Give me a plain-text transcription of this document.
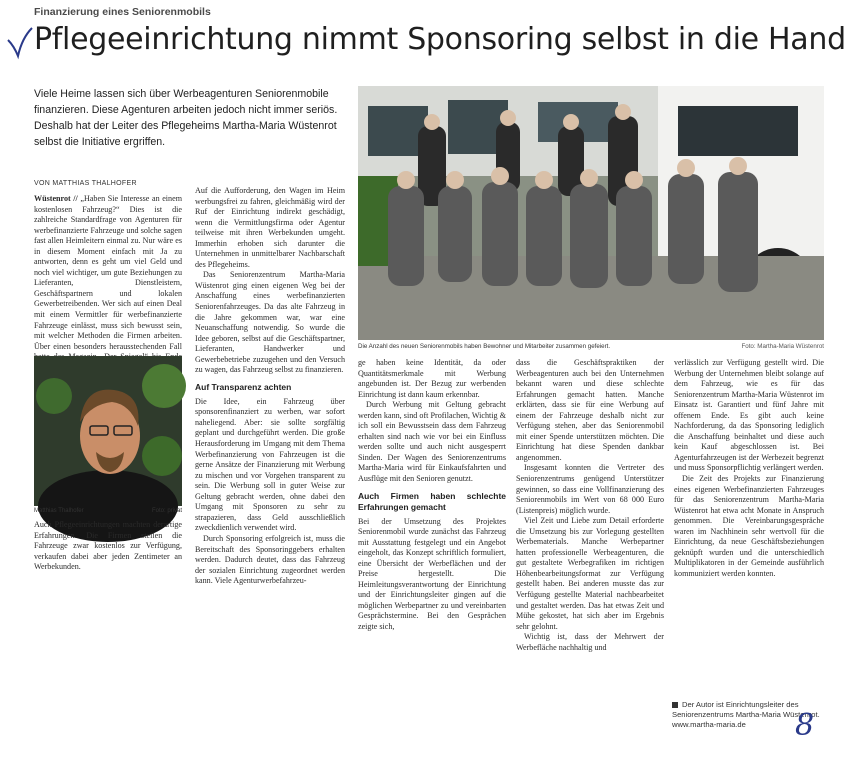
Finanzierung eines Seniorenmobils
Pflegeeinrichtung nimmt Sponsoring selbst in die Hand
Viele Heime lassen sich über Werbeagenturen Seniorenmobile finanzieren. Diese Agenturen arbeiten jedoch nicht immer seriös. Deshalb hat der Leiter des Pflegeheims Martha-Maria Wüstenrot selbst die Initiative ergriffen.
VON MATTHIAS THALHOFER

Wüstenrot // „Haben Sie Interesse an einem kostenlosen Fahrzeug?“ Dies ist die zahlreiche Standardfrage von Agenturen für werbefinanzierte Fahrzeuge und solche sagen fast allen Heimleitern einmal zu. Nur wäre es in diesem Moment einfach mit Ja zu antworten, denn es geht um viel Geld und noch viel wichtiger, um gute Beziehungen zu Lieferanten, Dienstleistern, Geschäftspartnern und lokalen Gewerbetreibenden. Wer sich auf einen Deal mit einem Vermittler für werbefinanzierte Fahrzeuge einlässt, muss sich bewusst sein, mit welcher Methoden die Firmen arbeiten. Über einen besonders herausstechenden Fall

Matthias Thalhofer	Foto: privat

Auch Pflegeeinrichtungen machten derartige Erfahrungen. Die Firmen stellen die Fahrzeuge zwar kostenlos zur Verfügung, verkaufen dabei aber jeden Zentimeter an Werbekunden.

Auf die Aufforderung, den Wagen im Heim werbungsfrei zu fahren, gleichmäßig wird der Ruf der Einrichtung indirekt geschädigt, wenn die Vermittlungsfirma oder Agentur teilweise mit ihren Werbekunden umgeht. Immerhin erhoben sich darunter die Unternehmen in unmittelbarer Nachbarschaft des Pflegeheims.

Das Seniorenzentrum Martha-Maria Wüstenrot ging einen eigenen Weg bei der Anschaffung eines werbefinanzierten Seniorenfahrzeuges. Da das alte Fahrzeug in die Jahre gekommen war, war eine Neuanschaffung notwendig. So wurde die Idee geboren, selbst auf die Geschäftspartner, Lieferanten, Handwerker und Gewerbebetriebe zuzugehen und den Versuch zu wagen, das Fahrzeug selbst zu finanzieren.

Auf Transparenz achten

Die Idee, ein Fahrzeug über sponsorenfinanziert zu werben, war sofort naheliegend. Aber: sie sollte sorgfältig geplant und durchgeführt werden. Die große Herausforderung im Umgang mit dem Thema Werbefinanzierung von Fahrzeugen ist die gerne Ansätze der Finanzierung mit Werbung zu mischen und vor Vorgehen transparent zu sein. Die Werbung soll in guter Weise zur Geltung gebracht werden, ohne dabei den Umgang mit Sponsoren zu sehr zu strapazieren, dass Geld ausschließlich zweckdienlich verwendet wird.

Durch Sponsoring erfolgreich ist, muss die Bereitschaft des Sponsoringgebers erhalten werden. Dadurch deutet, dass das Fahrzeug der sozialen Einrichtung zugeordnet werden kann. Viele Agenturwerbefahrzeu-

Die Anzahl des neuen Seniorenmobils haben Bewohner und Mitarbeiter zusammen gefeiert.	Foto: Martha-Maria Wüstenrot

ge haben keine Identität, da oder Quantitätsmerkmale mit Werbung angebunden ist. Der Bezug zur werbenden Einrichtung ist dann kaum erkennbar.

Durch Werbung mit Geltung gebracht werden kann, sind oft Profilachen, Wichtig & ich soll ein Bewusstsein dass dem Fahrzeug erhalten sind nach wie vor bei ein Einfluss werden sollte und auch nicht ausgesperrt Sinden. Der Wagen des Seniorenzentrums Martha-Maria wird für Einkaufsfahrten und Ausflüge mit den Senioren genutzt.

Auch Firmen haben schlechte Erfahrungen gemacht

Bei der Umsetzung des Projektes Seniorenmobil wurde zunächst das Fahrzeug mit Ausstattung festgelegt und ein Angebot eingeholt, das Konzept schriftlich formuliert, eine Übersicht der Werbeflächen und der Preise hergestellt. Die Heimleitungsverantwortung der Einrichtung und der Einrichtungsleiter gingen auf die möglichen Werbepartner zu und vereinbarten Gesprächstermine. Bei den Gesprächen zeigte sich,

dass die Geschäftspraktiken der Werbeagenturen auch bei den Unternehmen bekannt waren und diese schlechte Erfahrungen gemacht hatten. Manche erklärten, dass sie für eine Werbung auf einem der Fahrzeuge deshalb nicht zur Verfügung stehen, aber das Seniorenmobil mit einer Spende unterstützen möchten. Die Einrichtung hat diese Spenden dankbar angenommen.

Insgesamt konnten die Vertreter des Seniorenzentrums genügend Unterstützer gewinnen, so dass eine Vollfinanzierung des Seniorenmobils im Wert von 68 000 Euro (Listenpreis) möglich wurde.

Viel Zeit und Liebe zum Detail erforderte die Umsetzung bis zur Vorlegung gestellten Werbematerials. Manche Werbepartner hatten professionelle Werbeagenturen, die gut gestaltete Werbegrafiken im richtigen Höhenbearbeitungsformat zur Verfügung gestellt haben. Bei anderen musste das zur Verfügung gestellte Material nachbearbeitet und gestaltet werden. Das hat etwas Zeit und Mühe gekostet, hat sich aber im Ergebnis sehr gelohnt.

Wichtig ist, dass der Mehrwert der Werbefläche nachhaltig und

verlässlich zur Verfügung gestellt wird. Die Werbung der Unternehmen bleibt solange auf dem Fahrzeug, wie es für das Seniorenzentrum Martha-Maria Wüstenrot im Einsatz ist. Garantiert und fünf Jahre mit offenem Ende. Es gibt auch keine Nachforderung, da das Sponsoring lediglich die Anschaffung beinhaltet und diese auch kein Kauf abgeschlossen ist. Bei Agenturfahrzeugen ist der Werbezeit begrenzt und muss Sponsorpflichtig verlängert werden.

Die Zeit des Projekts zur Finanzierung eines eigenen Werbefinanzierten Fahrzeuges für das Seniorenzentrum Martha-Maria Wüstenrot hat etwa acht Monate in Anspruch genommen. Die Vereinbarungsgespräche waren im Nachhinein sehr wertvoll für die Einrichtung, da neue Geschäftsbeziehungen geknüpft wurden und die unterschiedlich Multiplikatoren in der Gemeinde ausführlich kommuniziert werden konnten.

Der Autor ist Einrichtungsleiter des Seniorenzentrums Martha-Maria Wüstenrot.
www.martha-maria.de	8
